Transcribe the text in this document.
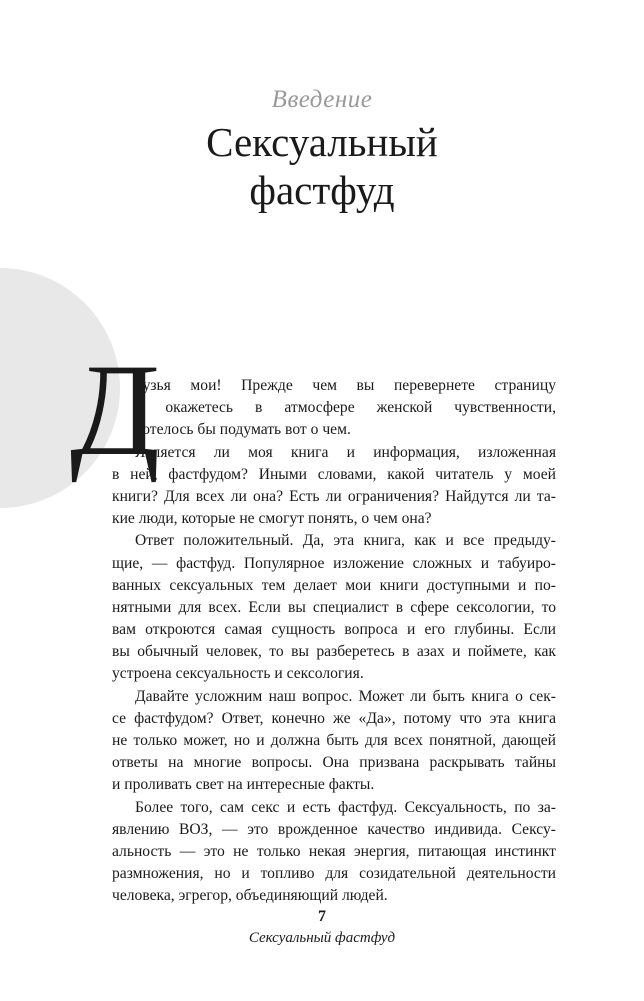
Введение
Сексуальный
фастфуд
Д
рузья мои! Прежде чем вы перевернете страницу
и окажетесь в атмосфере женской чувственности,
хотелось бы подумать вот о чем.
Является ли моя книга и информация, изложенная
в ней, фастфудом? Иными словами, какой читатель у моей
книги? Для всех ли она? Есть ли ограничения? Найдутся ли та-
кие люди, которые не смогут понять, о чем она?
Ответ положительный. Да, эта книга, как и все предыду-
щие, — фастфуд. Популярное изложение сложных и табуиро-
ванных сексуальных тем делает мои книги доступными и по-
нятными для всех. Если вы специалист в сфере сексологии, то
вам откроются самая сущность вопроса и его глубины. Если
вы обычный человек, то вы разберетесь в азах и поймете, как
устроена сексуальность и сексология.
Давайте усложним наш вопрос. Может ли быть книга о сек-
се фастфудом? Ответ, конечно же «Да», потому что эта книга
не только может, но и должна быть для всех понятной, дающей
ответы на многие вопросы. Она призвана раскрывать тайны
и проливать свет на интересные факты.
Более того, сам секс и есть фастфуд. Сексуальность, по за-
явлению ВОЗ, — это врожденное качество индивида. Сексу-
альность — это не только некая энергия, питающая инстинкт
размножения, но и топливо для созидательной деятельности
человека, эгрегор, объединяющий людей.
7
Сексуальный фастфуд
